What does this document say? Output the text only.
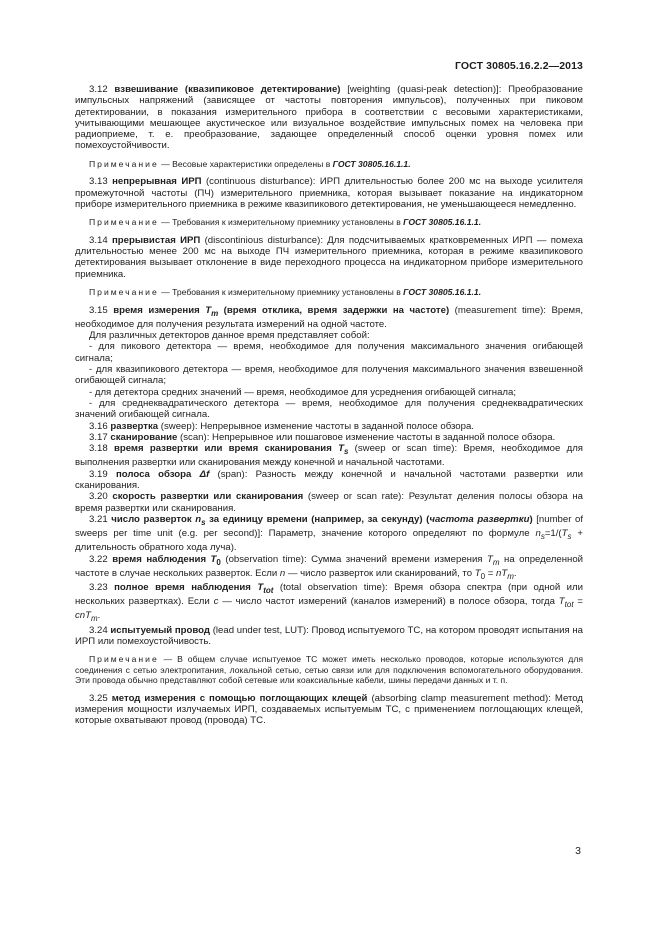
ГОСТ 30805.16.2.2—2013

3.12 взвешивание (квазипиковое детектирование) [weighting (quasi-peak detection)]: Преобразование импульсных напряжений (зависящее от частоты повторения импульсов), полученных при пиковом детектировании, в показания измерительного прибора в соответствии с весовыми характеристиками, учитывающими мешающее акустическое или визуальное воздействие импульсных помех на человека при радиоприеме, т. е. преобразование, задающее определенный способ оценки уровня помех или помехоустойчивости.

Примечание — Весовые характеристики определены в ГОСТ 30805.16.1.1.

3.13 непрерывная ИРП (continuous disturbance): ИРП длительностью более 200 мс на выходе усилителя промежуточной частоты (ПЧ) измерительного приемника, которая вызывает показание на индикаторном приборе измерительного приемника в режиме квазипикового детектирования, не уменьшающееся немедленно.

Примечание — Требования к измерительному приемнику установлены в ГОСТ 30805.16.1.1.

3.14 прерывистая ИРП (discontinious disturbance): Для подсчитываемых кратковременных ИРП — помеха длительностью менее 200 мс на выходе ПЧ измерительного приемника, которая в режиме квазипикового детектирования вызывает отклонение в виде переходного процесса на индикаторном приборе измерительного приемника.

Примечание — Требования к измерительному приемнику установлены в ГОСТ 30805.16.1.1.

3.15 время измерения $T_m$ (время отклика, время задержки на частоте) (measurement time): Время, необходимое для получения результата измерений на одной частоте.

Для различных детекторов данное время представляет собой:

- для пикового детектора — время, необходимое для получения максимального значения огибающей сигнала;

- для квазипикового детектора — время, необходимое для получения максимального значения взвешенной огибающей сигнала;

- для детектора средних значений — время, необходимое для усреднения огибающей сигнала;

- для среднеквадратического детектора — время, необходимое для получения среднеквадратических значений огибающей сигнала.

3.16 развертка (sweep): Непрерывное изменение частоты в заданной полосе обзора.

3.17 сканирование (scan): Непрерывное или пошаговое изменение частоты в заданной полосе обзора.

3.18 время развертки или время сканирования $T_s$ (sweep or scan time): Время, необходимое для выполнения развертки или сканирования между конечной и начальной частотами.

3.19 полоса обзора Δf (span): Разность между конечной и начальной частотами развертки или сканирования.

3.20 скорость развертки или сканирования (sweep or scan rate): Результат деления полосы обзора на время развертки или сканирования.

3.21 число разверток $n_s$ за единицу времени (например, за секунду) (частота развертки) [number of sweeps per time unit (e.g. per second)]: Параметр, значение которого определяют по формуле $n_s=1/(T_s$ + длительность обратного хода луча).

3.22 время наблюдения $T_0$ (observation time): Сумма значений времени измерения $T_m$ на определенной частоте в случае нескольких разверток. Если n — число разверток или сканирований, то $T_0 = nT_m$.

3.23 полное время наблюдения $T_{tot}$ (total observation time): Время обзора спектра (при одной или нескольких развертках). Если c — число частот измерений (каналов измерений) в полосе обзора, тогда $T_{tot} = cnT_m$.

3.24 испытуемый провод (lead under test, LUT): Провод испытуемого ТС, на котором проводят испытания на ИРП или помехоустойчивость.

Примечание — В общем случае испытуемое ТС может иметь несколько проводов, которые используются для соединения с сетью электропитания, локальной сетью, сетью связи или для подключения вспомогательного оборудования. Эти провода обычно представляют собой сетевые или коаксиальные кабели, шины передачи данных и т. п.

3.25 метод измерения с помощью поглощающих клещей (absorbing clamp measurement method): Метод измерения мощности излучаемых ИРП, создаваемых испытуемым ТС, с применением поглощающих клещей, которые охватывают провод (провода) ТС.

3
